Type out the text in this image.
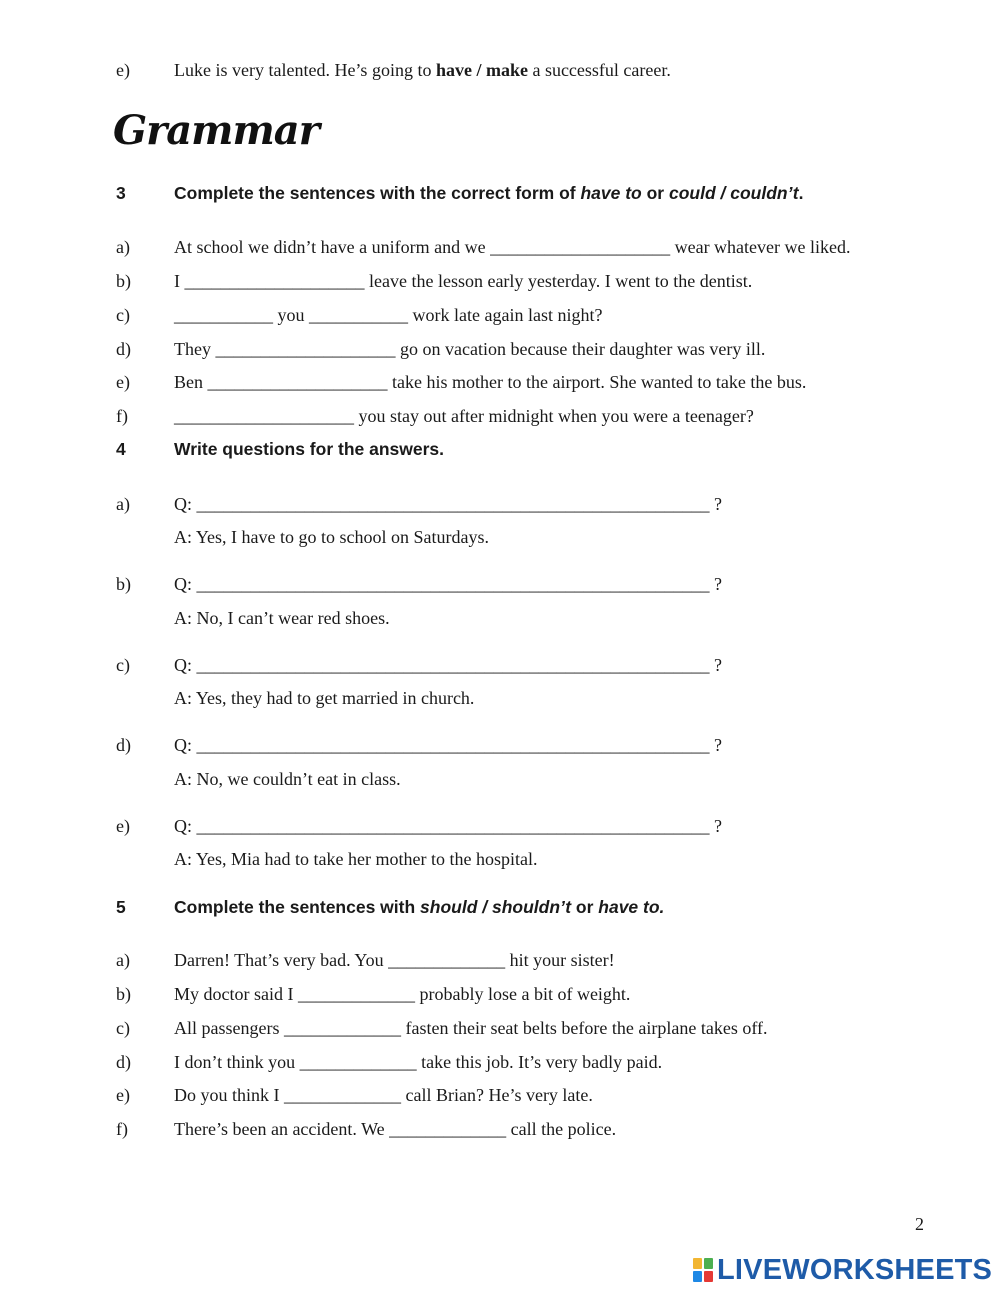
e) Luke is very talented. He’s going to have / make a successful career.
Grammar
3	Complete the sentences with the correct form of have to or could / couldn’t.
a) At school we didn’t have a uniform and we ____________________ wear whatever we liked.
b) I ____________________ leave the lesson early yesterday. I went to the dentist.
c) ___________ you ___________ work late again last night?
d) They ____________________ go on vacation because their daughter was very ill.
e) Ben ____________________ take his mother to the airport. She wanted to take the bus.
f)	____________________ you stay out after midnight when you were a teenager?
4	Write questions for the answers.
a) Q: _________________________________________________________ ?
A: Yes, I have to go to school on Saturdays.
b) Q: _________________________________________________________ ?
A: No, I can’t wear red shoes.
c) Q: _________________________________________________________ ?
A: Yes, they had to get married in church.
d) Q: _________________________________________________________ ?
A: No, we couldn’t eat in class.
e) Q: _________________________________________________________ ?
A: Yes, Mia had to take her mother to the hospital.
5	Complete the sentences with should / shouldn’t or have to.
a) Darren! That’s very bad. You _____________ hit your sister!
b) My doctor said I _____________ probably lose a bit of weight.
c) All passengers _____________ fasten their seat belts before the airplane takes off.
d) I don’t think you _____________ take this job. It’s very badly paid.
e) Do you think I _____________ call Brian? He’s very late.
f)	There’s been an accident. We _____________ call the police.
2
LIVEWORKSHEETS
